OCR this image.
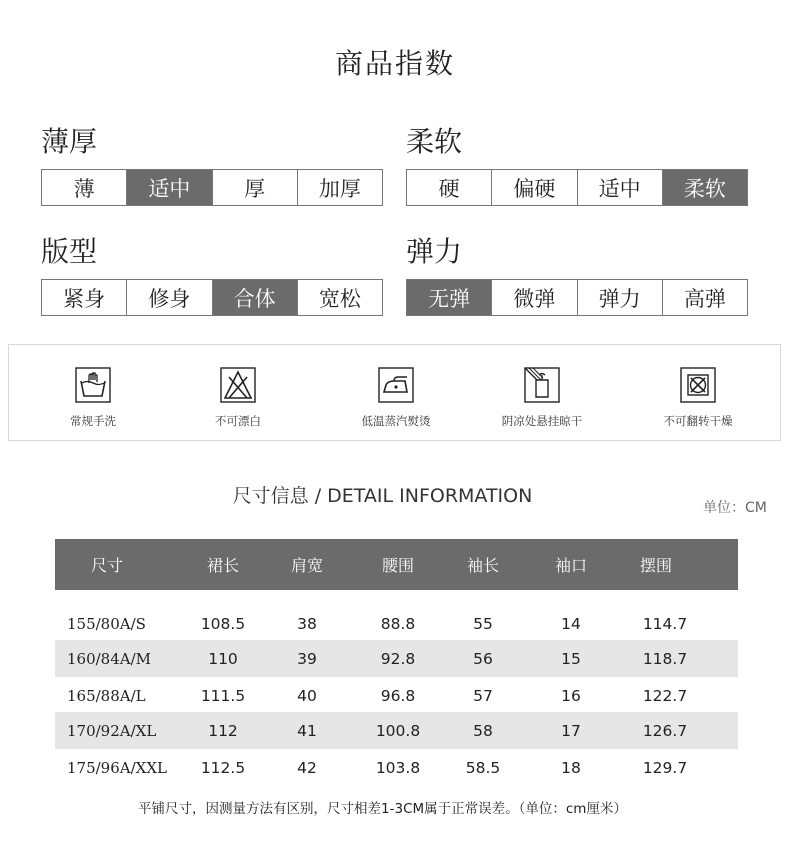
商品指数
薄厚
薄	适中	厚	加厚
柔软
硬	偏硬	适中	柔软
版型
紧身	修身	合体	宽松
弹力
无弹	微弹	弹力	高弹
常规手洗	不可漂白	低温蒸汽熨烫	阴凉处悬挂晾干	不可翻转干燥
尺寸信息 / DETAIL INFORMATION
单位：CM
尺寸	裙长	肩宽	腰围	袖长	袖口	摆围
155/80A/S	108.5	38	88.8	55	14	114.7
160/84A/M	110	39	92.8	56	15	118.7
165/88A/L	111.5	40	96.8	57	16	122.7
170/92A/XL	112	41	100.8	58	17	126.7
175/96A/XXL 112.5	42	103.8	58.5	18	129.7
平铺尺寸，因测量方法有区别，尺寸相差1-3CM属于正常误差。（单位：cm厘米）
